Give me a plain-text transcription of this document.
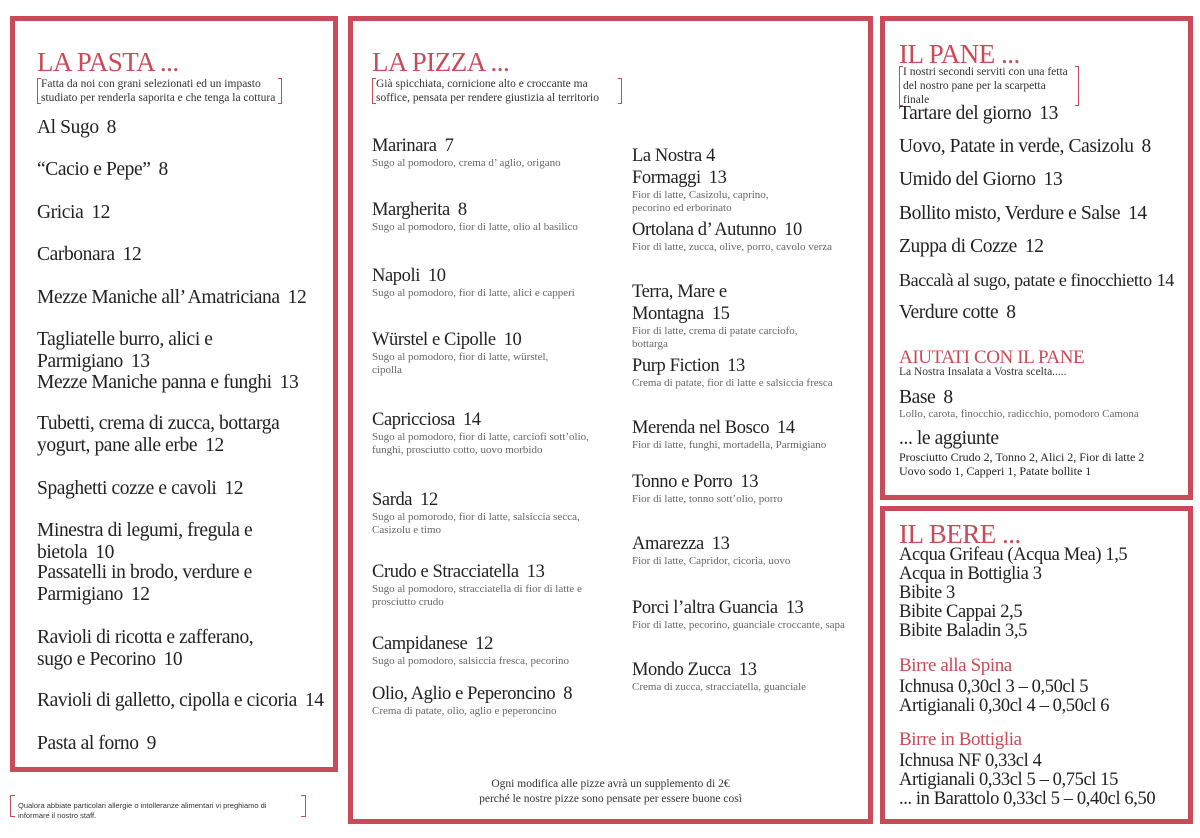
LA PASTA ...
Fatta da noi con grani selezionati ed un impasto studiato per renderla saporita e che tenga la cottura
Al Sugo 8
“Cacio e Pepe” 8
Gricia 12
Carbonara 12
Mezze Maniche all’ Amatriciana 12
Tagliatelle burro, alici e Parmigiano 13
Mezze Maniche panna e funghi 13
Tubetti, crema di zucca, bottarga yogurt, pane alle erbe 12
Spaghetti cozze e cavoli 12
Minestra di legumi, fregula e bietola 10
Passatelli in brodo, verdure e Parmigiano 12
Ravioli di ricotta e zafferano, sugo e Pecorino 10
Ravioli di galletto, cipolla e cicoria 14
Pasta al forno 9
LA PIZZA ...
Già spicchiata, cornicione alto e croccante ma soffice, pensata per rendere giustizia al territorio
Marinara 7
Sugo al pomodoro, crema d’ aglio, origano
Margherita 8
Sugo al pomodoro, fior di latte, olio al basilico
Napoli 10
Sugo al pomodoro, fior di latte, alici e capperi
Würstel e Cipolle 10
Sugo al pomodoro, fior di latte, würstel, cipolla
Capricciosa 14
Sugo al pomodoro, fior di latte, carciofi sott’olio, funghi, prosciutto cotto, uovo morbido
Sarda 12
Sugo al pomorodo, fior di latte, salsiccia secca, Casizolu e timo
Crudo e Stracciatella 13
Sugo al pomodoro, stracciatella di fior di latte e prosciutto crudo
Campidanese 12
Sugo al pomodoro, salsiccia fresca, pecorino
Olio, Aglio e Peperoncino 8
Crema di patate, olio, aglio e peperoncino
La Nostra 4 Formaggi 13
Fior di latte, Casizolu, caprino, pecorino ed erborinato
Ortolana d’ Autunno 10
Fior di latte, zucca, olive, porro, cavolo verza
Terra, Mare e Montagna 15
Fior di latte, crema di patate carciofo, bottarga
Purp Fiction 13
Crema di patate, fior di latte e salsiccia fresca
Merenda nel Bosco 14
Fior di latte, funghi, mortadella, Parmigiano
Tonno e Porro 13
Fior di latte, tonno sott’olio, porro
Amarezza 13
Fior di latte, Capridor, cicoria, uovo
Porci l’altra Guancia 13
Fior di latte, pecorino, guanciale croccante, sapa
Mondo Zucca 13
Crema di zucca, stracciatella, guanciale
Ogni modifica alle pizze avrà un supplemento di 2€
perché le nostre pizze sono pensate per essere buone così
IL PANE ...
I nostri secondi serviti con una fetta del nostro pane per la scarpetta finale
Tartare del giorno 13
Uovo, Patate in verde, Casizolu 8
Umido del Giorno 13
Bollito misto, Verdure e Salse 14
Zuppa di Cozze 12
Baccalà al sugo, patate e finocchietto 14
Verdure cotte 8
AIUTATI CON IL PANE
La Nostra Insalata a Vostra scelta.....
Base 8
Lollo, carota, finocchio, radicchio, pomodoro Camona
... le aggiunte
Prosciutto Crudo 2, Tonno 2, Alici 2, Fior di latte 2
Uovo sodo 1, Capperi 1, Patate bollite 1
IL BERE ...
Acqua Grifeau (Acqua Mea) 1,5
Acqua in Bottiglia 3
Bibite 3
Bibite Cappai 2,5
Bibite Baladin 3,5
Birre alla Spina
Ichnusa 0,30cl 3 – 0,50cl 5
Artigianali 0,30cl 4 – 0,50cl 6
Birre in Bottiglia
Ichnusa NF 0,33cl 4
Artigianali 0,33cl 5 – 0,75cl 15
... in Barattolo 0,33cl 5 – 0,40cl 6,50
Qualora abbiate particolari allergie o intolleranze alimentari vi preghiamo di informare il nostro staff.
